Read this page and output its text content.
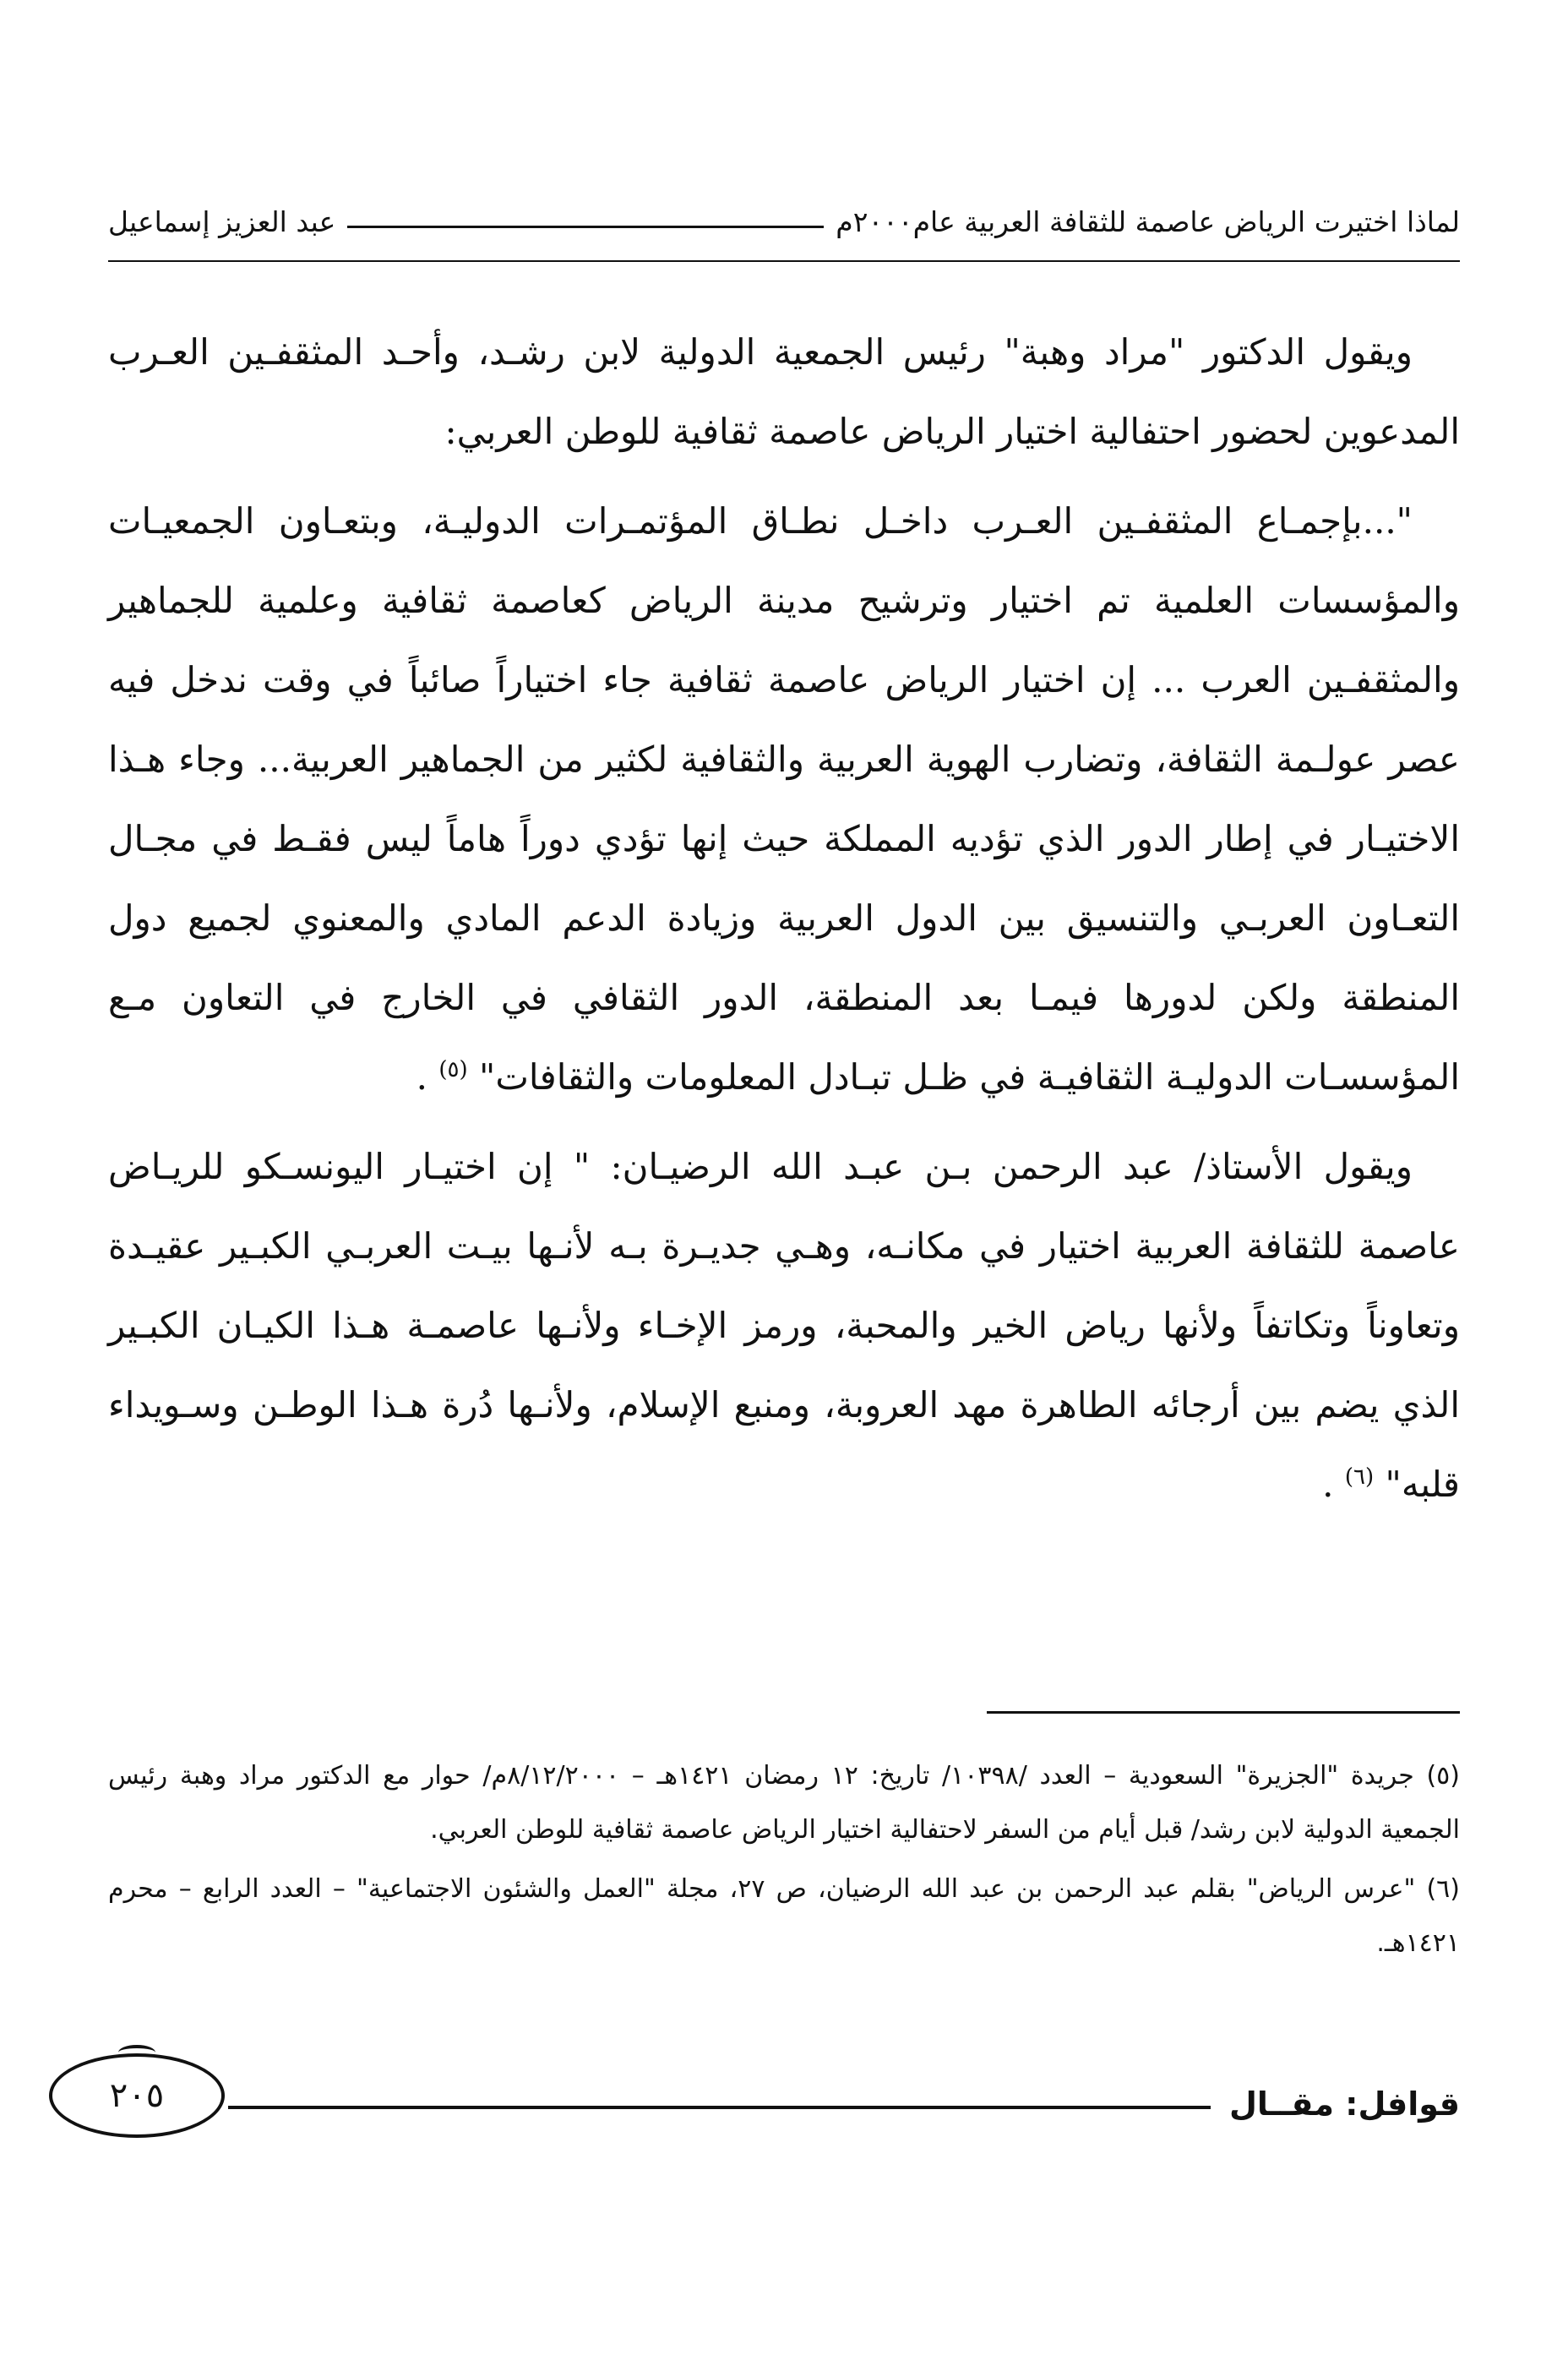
لماذا اختيرت الرياض عاصمة للثقافة العربية عام٢٠٠٠م
عبد العزيز إسماعيل

ويقول الدكتور "مراد وهبة" رئيس الجمعية الدولية لابن رشـد، وأحـد المثقفـين العـرب المدعوين لحضور احتفالية اختيار الرياض عاصمة ثقافية للوطن العربي:

"...بإجمـاع المثقفـين العـرب داخـل نطـاق المؤتمـرات الدوليـة، وبتعـاون الجمعيـات والمؤسسات العلمية تم اختيار وترشيح مدينة الرياض كعاصمة ثقافية وعلمية للجماهير والمثقفـين العرب ... إن اختيار الرياض عاصمة ثقافية جاء اختياراً صائباً في وقت ندخل فيه عصر عولـمة الثقافة، وتضارب الهوية العربية والثقافية لكثير من الجماهير العربية... وجاء هـذا الاختيـار في إطار الدور الذي تؤديه المملكة حيث إنها تؤدي دوراً هاماً ليس فقـط في مجـال التعـاون العربـي والتنسيق بين الدول العربية وزيادة الدعم المادي والمعنوي لجميع دول المنطقة ولكن لدورها فيمـا بعد المنطقة، الدور الثقافي في الخارج في التعاون مـع المؤسسـات الدوليـة الثقافيـة في ظـل تبـادل المعلومات والثقافات" $^{(٥)}$ .

ويقول الأستاذ/ عبد الرحمن بـن عبـد الله الرضيـان: " إن اختيـار اليونسـكو للريـاض عاصمة للثقافة العربية اختيار في مكانـه، وهـي جديـرة بـه لأنـها بيـت العربـي الكبـير عقيـدة وتعاوناً وتكاتفاً ولأنها رياض الخير والمحبة، ورمز الإخـاء ولأنـها عاصمـة هـذا الكيـان الكبـير الذي يضم بين أرجائه الطاهرة مهد العروبة، ومنبع الإسلام، ولأنـها دُرة هـذا الوطـن وسـويداء قلبه" $^{(٦)}$ .

(٥) جريدة "الجزيرة" السعودية – العدد /١٠٣٩٨/ تاريخ: ١٢ رمضان ١٤٢١هـ – ٨/١٢/٢٠٠٠م/ حوار مع الدكتور مراد وهبة رئيس الجمعية الدولية لابن رشد/ قبل أيام من السفر لاحتفالية اختيار الرياض عاصمة ثقافية للوطن العربي.

(٦) "عرس الرياض" بقلم عبد الرحمن بن عبد الله الرضيان، ص ٢٧، مجلة "العمل والشئون الاجتماعية" – العدد الرابع – محرم ١٤٢١هـ.

قوافل: مقــال
٢٠٥
